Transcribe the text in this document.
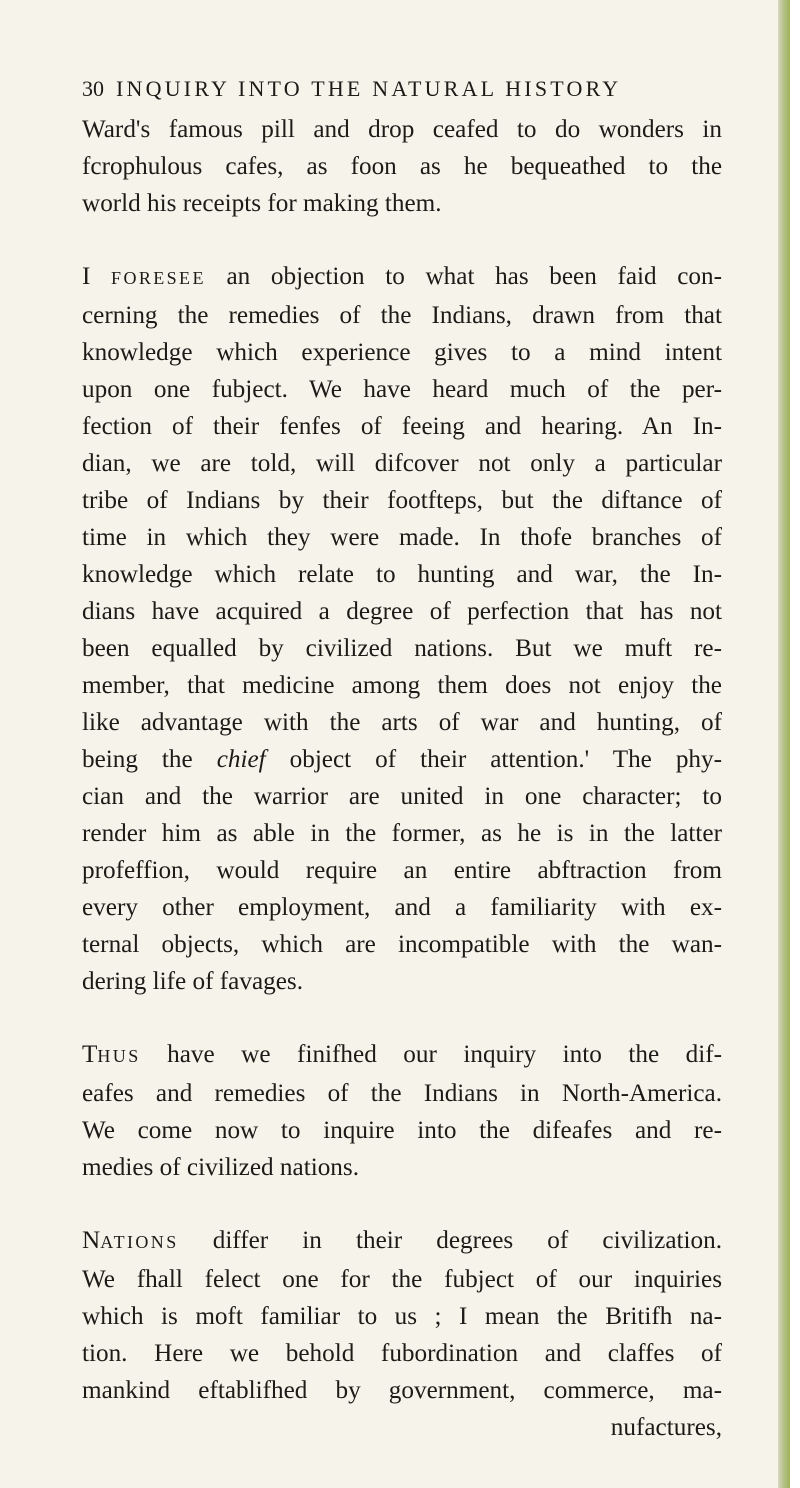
30 INQUIRY INTO THE NATURAL HISTORY

Ward's famous pill and drop ceafed to do wonders in
fcrophulous cafes, as foon as he bequeathed to the
world his receipts for making them.

I FORESEE an objection to what has been faid con-
cerning the remedies of the Indians, drawn from that
knowledge which experience gives to a mind intent
upon one fubject. We have heard much of the per-
fection of their fenfes of feeing and hearing. An In-
dian, we are told, will difcover not only a particular
tribe of Indians by their footfteps, but the diftance of
time in which they were made. In thofe branches of
knowledge which relate to hunting and war, the In-
dians have acquired a degree of perfection that has not
been equalled by civilized nations. But we muft re-
member, that medicine among them does not enjoy the
like advantage with the arts of war and hunting, of
being the chief object of their attention.' The phy-
cian and the warrior are united in one character; to
render him as able in the former, as he is in the latter
profeffion, would require an entire abftraction from
every other employment, and a familiarity with ex-
ternal objects, which are incompatible with the wan-
dering life of favages.

THUS have we finifhed our inquiry into the dif-
eafes and remedies of the Indians in North-America.
We come now to inquire into the difeafes and re-
medies of civilized nations.

NATIONS differ in their degrees of civilization.
We fhall felect one for the fubject of our inquiries
which is moft familiar to us ; I mean the Britifh na-
tion. Here we behold fubordination and claffes of
mankind eftablifhed by government, commerce, ma-
nufactures,
